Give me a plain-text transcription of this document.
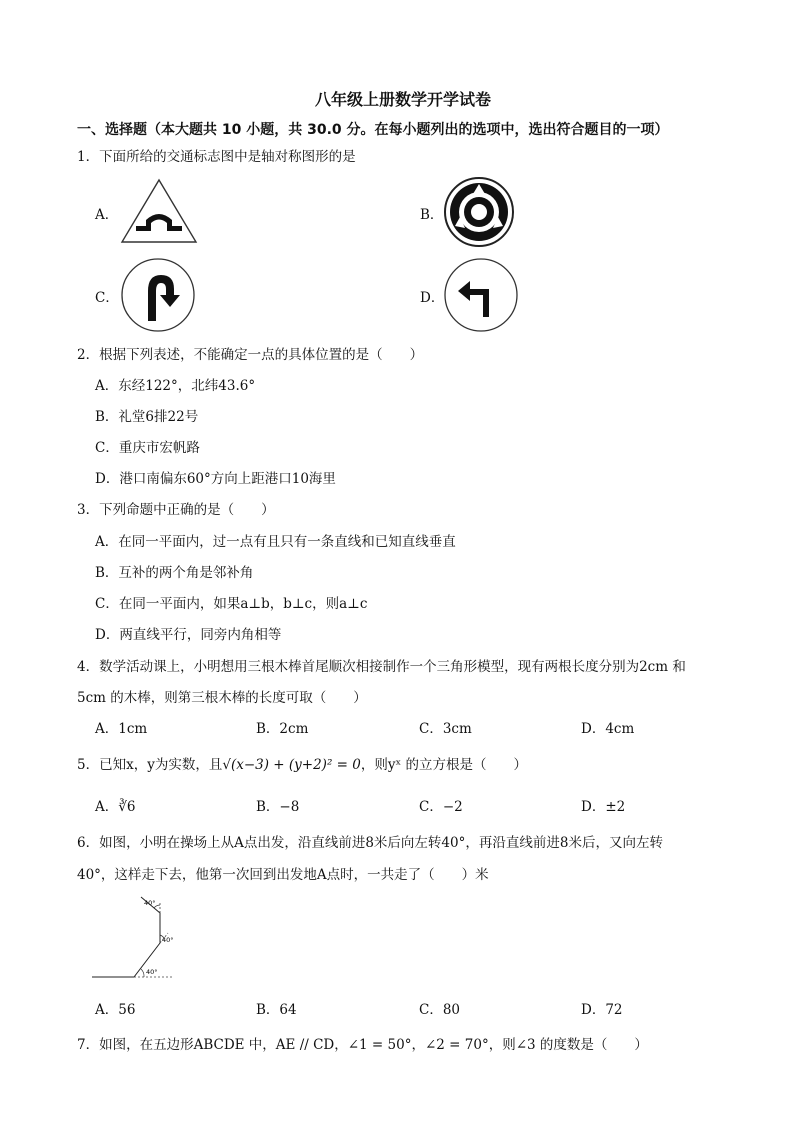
八年级上册数学开学试卷
一、选择题（本大题共 10 小题，共 30.0 分。在每小题列出的选项中，选出符合题目的一项）
1．下面所给的交通标志图中是轴对称图形的是
A．	B．
C．	D．
2．根据下列表述，不能确定一点的具体位置的是（　　）
A．东经122°，北纬43.6°
B．礼堂6排22号
C．重庆市宏帆路
D．港口南偏东60°方向上距港口10海里
3．下列命题中正确的是（　　）
A．在同一平面内，过一点有且只有一条直线和已知直线垂直
B．互补的两个角是邻补角
C．在同一平面内，如果a⊥b，b⊥c，则a⊥c
D．两直线平行，同旁内角相等
4．数学活动课上，小明想用三根木棒首尾顺次相接制作一个三角形模型，现有两根长度分别为2cm 和
5cm 的木棒，则第三根木棒的长度可取（　　）
A．1cm	B．2cm	C．3cm	D．4cm
5．已知x，y为实数，且√(x−3) + (y+2)² = 0，则yˣ 的立方根是（　　）
A．∛6	B．−8	C．−2	D．±2
6．如图，小明在操场上从A点出发，沿直线前进8米后向左转40°，再沿直线前进8米后，又向左转
40°，这样走下去，他第一次回到出发地A点时，一共走了（　　）米
40°
40°
40°
A．56	B．64	C．80	D．72
7．如图，在五边形ABCDE 中，AE // CD，∠1 = 50°，∠2 = 70°，则∠3 的度数是（　　）
